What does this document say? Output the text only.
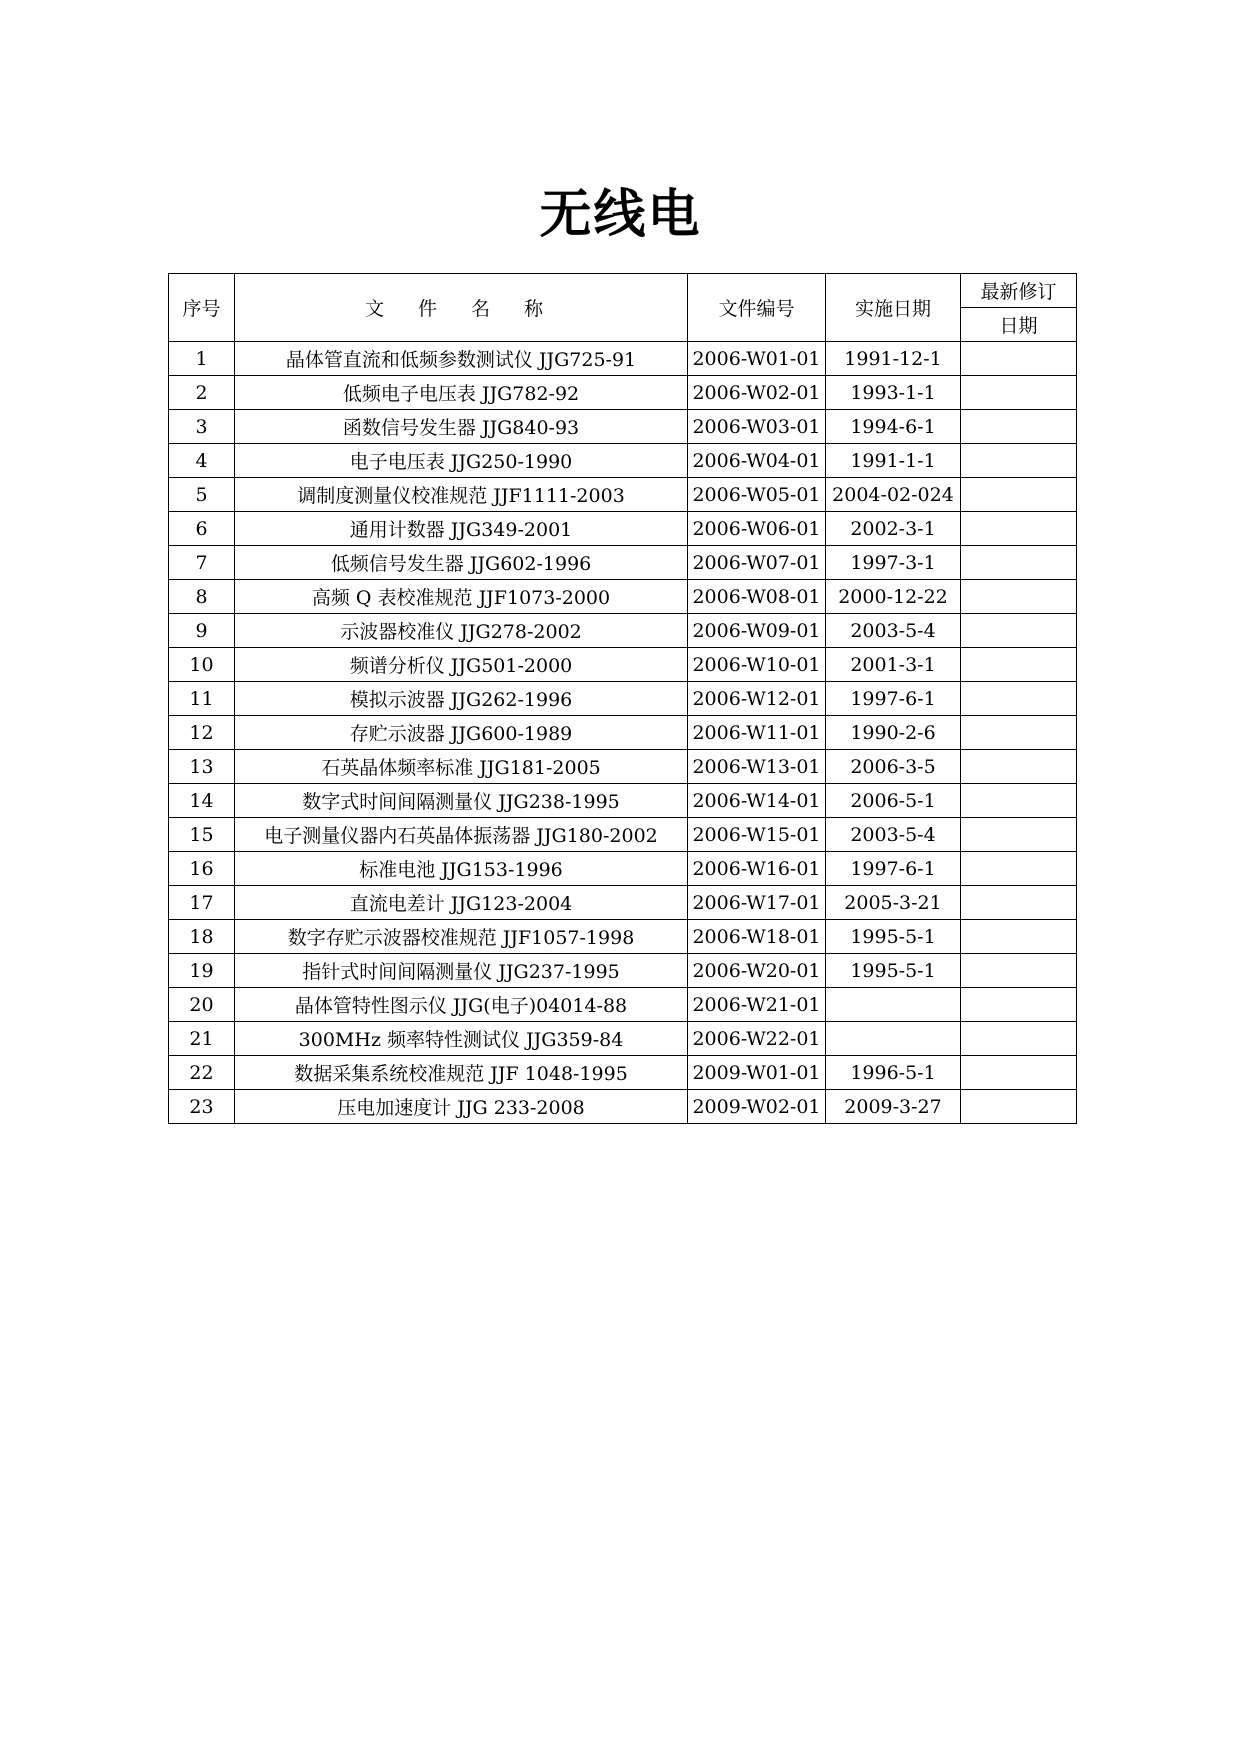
无线电
序号	文 件 名 称	文件编号	实施日期	最新修订
				日期
1	晶体管直流和低频参数测试仪 JJG725-91	2006-W01-01	1991-12-1	
2	低频电子电压表 JJG782-92	2006-W02-01	1993-1-1	
3	函数信号发生器 JJG840-93	2006-W03-01	1994-6-1	
4	电子电压表 JJG250-1990	2006-W04-01	1991-1-1	
5	调制度测量仪校准规范 JJF1111-2003	2006-W05-01	2004-02-024	
6	通用计数器 JJG349-2001	2006-W06-01	2002-3-1	
7	低频信号发生器 JJG602-1996	2006-W07-01	1997-3-1	
8	高频 Q 表校准规范 JJF1073-2000	2006-W08-01	2000-12-22	
9	示波器校准仪 JJG278-2002	2006-W09-01	2003-5-4	
10	频谱分析仪 JJG501-2000	2006-W10-01	2001-3-1	
11	模拟示波器 JJG262-1996	2006-W12-01	1997-6-1	
12	存贮示波器 JJG600-1989	2006-W11-01	1990-2-6	
13	石英晶体频率标准 JJG181-2005	2006-W13-01	2006-3-5	
14	数字式时间间隔测量仪 JJG238-1995	2006-W14-01	2006-5-1	
15	电子测量仪器内石英晶体振荡器 JJG180-2002	2006-W15-01	2003-5-4	
16	标准电池 JJG153-1996	2006-W16-01	1997-6-1	
17	直流电差计 JJG123-2004	2006-W17-01	2005-3-21	
18	数字存贮示波器校准规范 JJF1057-1998	2006-W18-01	1995-5-1	
19	指针式时间间隔测量仪 JJG237-1995	2006-W20-01	1995-5-1	
20	晶体管特性图示仪 JJG(电子)04014-88	2006-W21-01		
21	300MHz 频率特性测试仪 JJG359-84	2006-W22-01		
22	数据采集系统校准规范 JJF 1048-1995	2009-W01-01	1996-5-1	
23	压电加速度计 JJG 233-2008	2009-W02-01	2009-3-27	
